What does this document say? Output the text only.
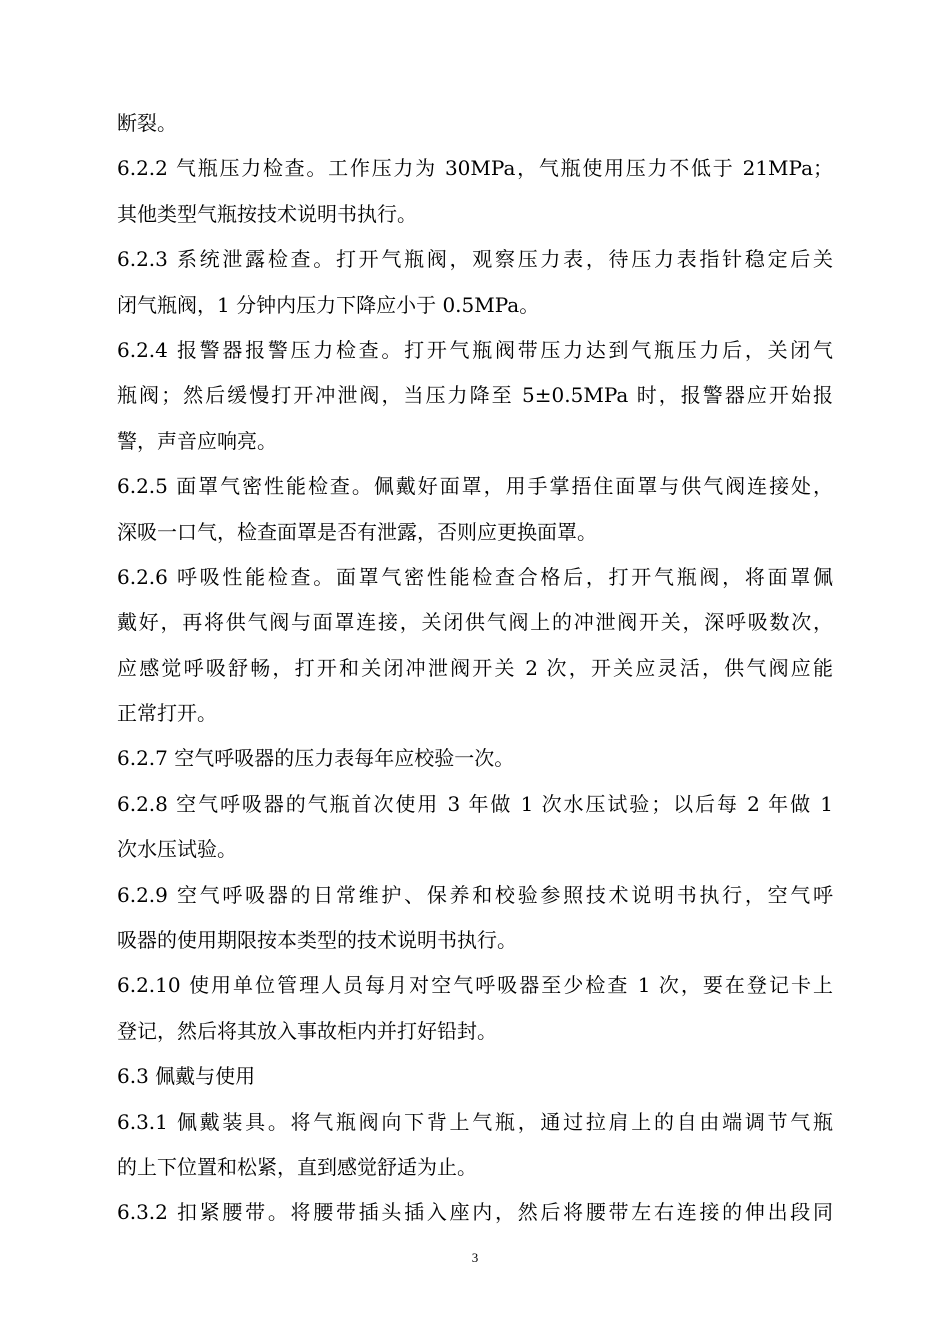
断裂。
6.2.2 气瓶压力检查。工作压力为 30MPa，气瓶使用压力不低于 21MPa；
其他类型气瓶按技术说明书执行。
6.2.3 系统泄露检查。打开气瓶阀，观察压力表，待压力表指针稳定后关
闭气瓶阀，1 分钟内压力下降应小于 0.5MPa。
6.2.4 报警器报警压力检查。打开气瓶阀带压力达到气瓶压力后，关闭气
瓶阀；然后缓慢打开冲泄阀，当压力降至 5±0.5MPa 时，报警器应开始报
警，声音应响亮。
6.2.5 面罩气密性能检查。佩戴好面罩，用手掌捂住面罩与供气阀连接处，
深吸一口气，检查面罩是否有泄露，否则应更换面罩。
6.2.6 呼吸性能检查。面罩气密性能检查合格后，打开气瓶阀，将面罩佩
戴好，再将供气阀与面罩连接，关闭供气阀上的冲泄阀开关，深呼吸数次，
应感觉呼吸舒畅，打开和关闭冲泄阀开关 2 次，开关应灵活，供气阀应能
正常打开。
6.2.7 空气呼吸器的压力表每年应校验一次。
6.2.8 空气呼吸器的气瓶首次使用 3 年做 1 次水压试验；以后每 2 年做 1
次水压试验。
6.2.9 空气呼吸器的日常维护、保养和校验参照技术说明书执行，空气呼
吸器的使用期限按本类型的技术说明书执行。
6.2.10 使用单位管理人员每月对空气呼吸器至少检查 1 次，要在登记卡上
登记，然后将其放入事故柜内并打好铅封。
6.3 佩戴与使用
6.3.1 佩戴装具。将气瓶阀向下背上气瓶，通过拉肩上的自由端调节气瓶
的上下位置和松紧，直到感觉舒适为止。
6.3.2 扣紧腰带。将腰带插头插入座内，然后将腰带左右连接的伸出段同
3
